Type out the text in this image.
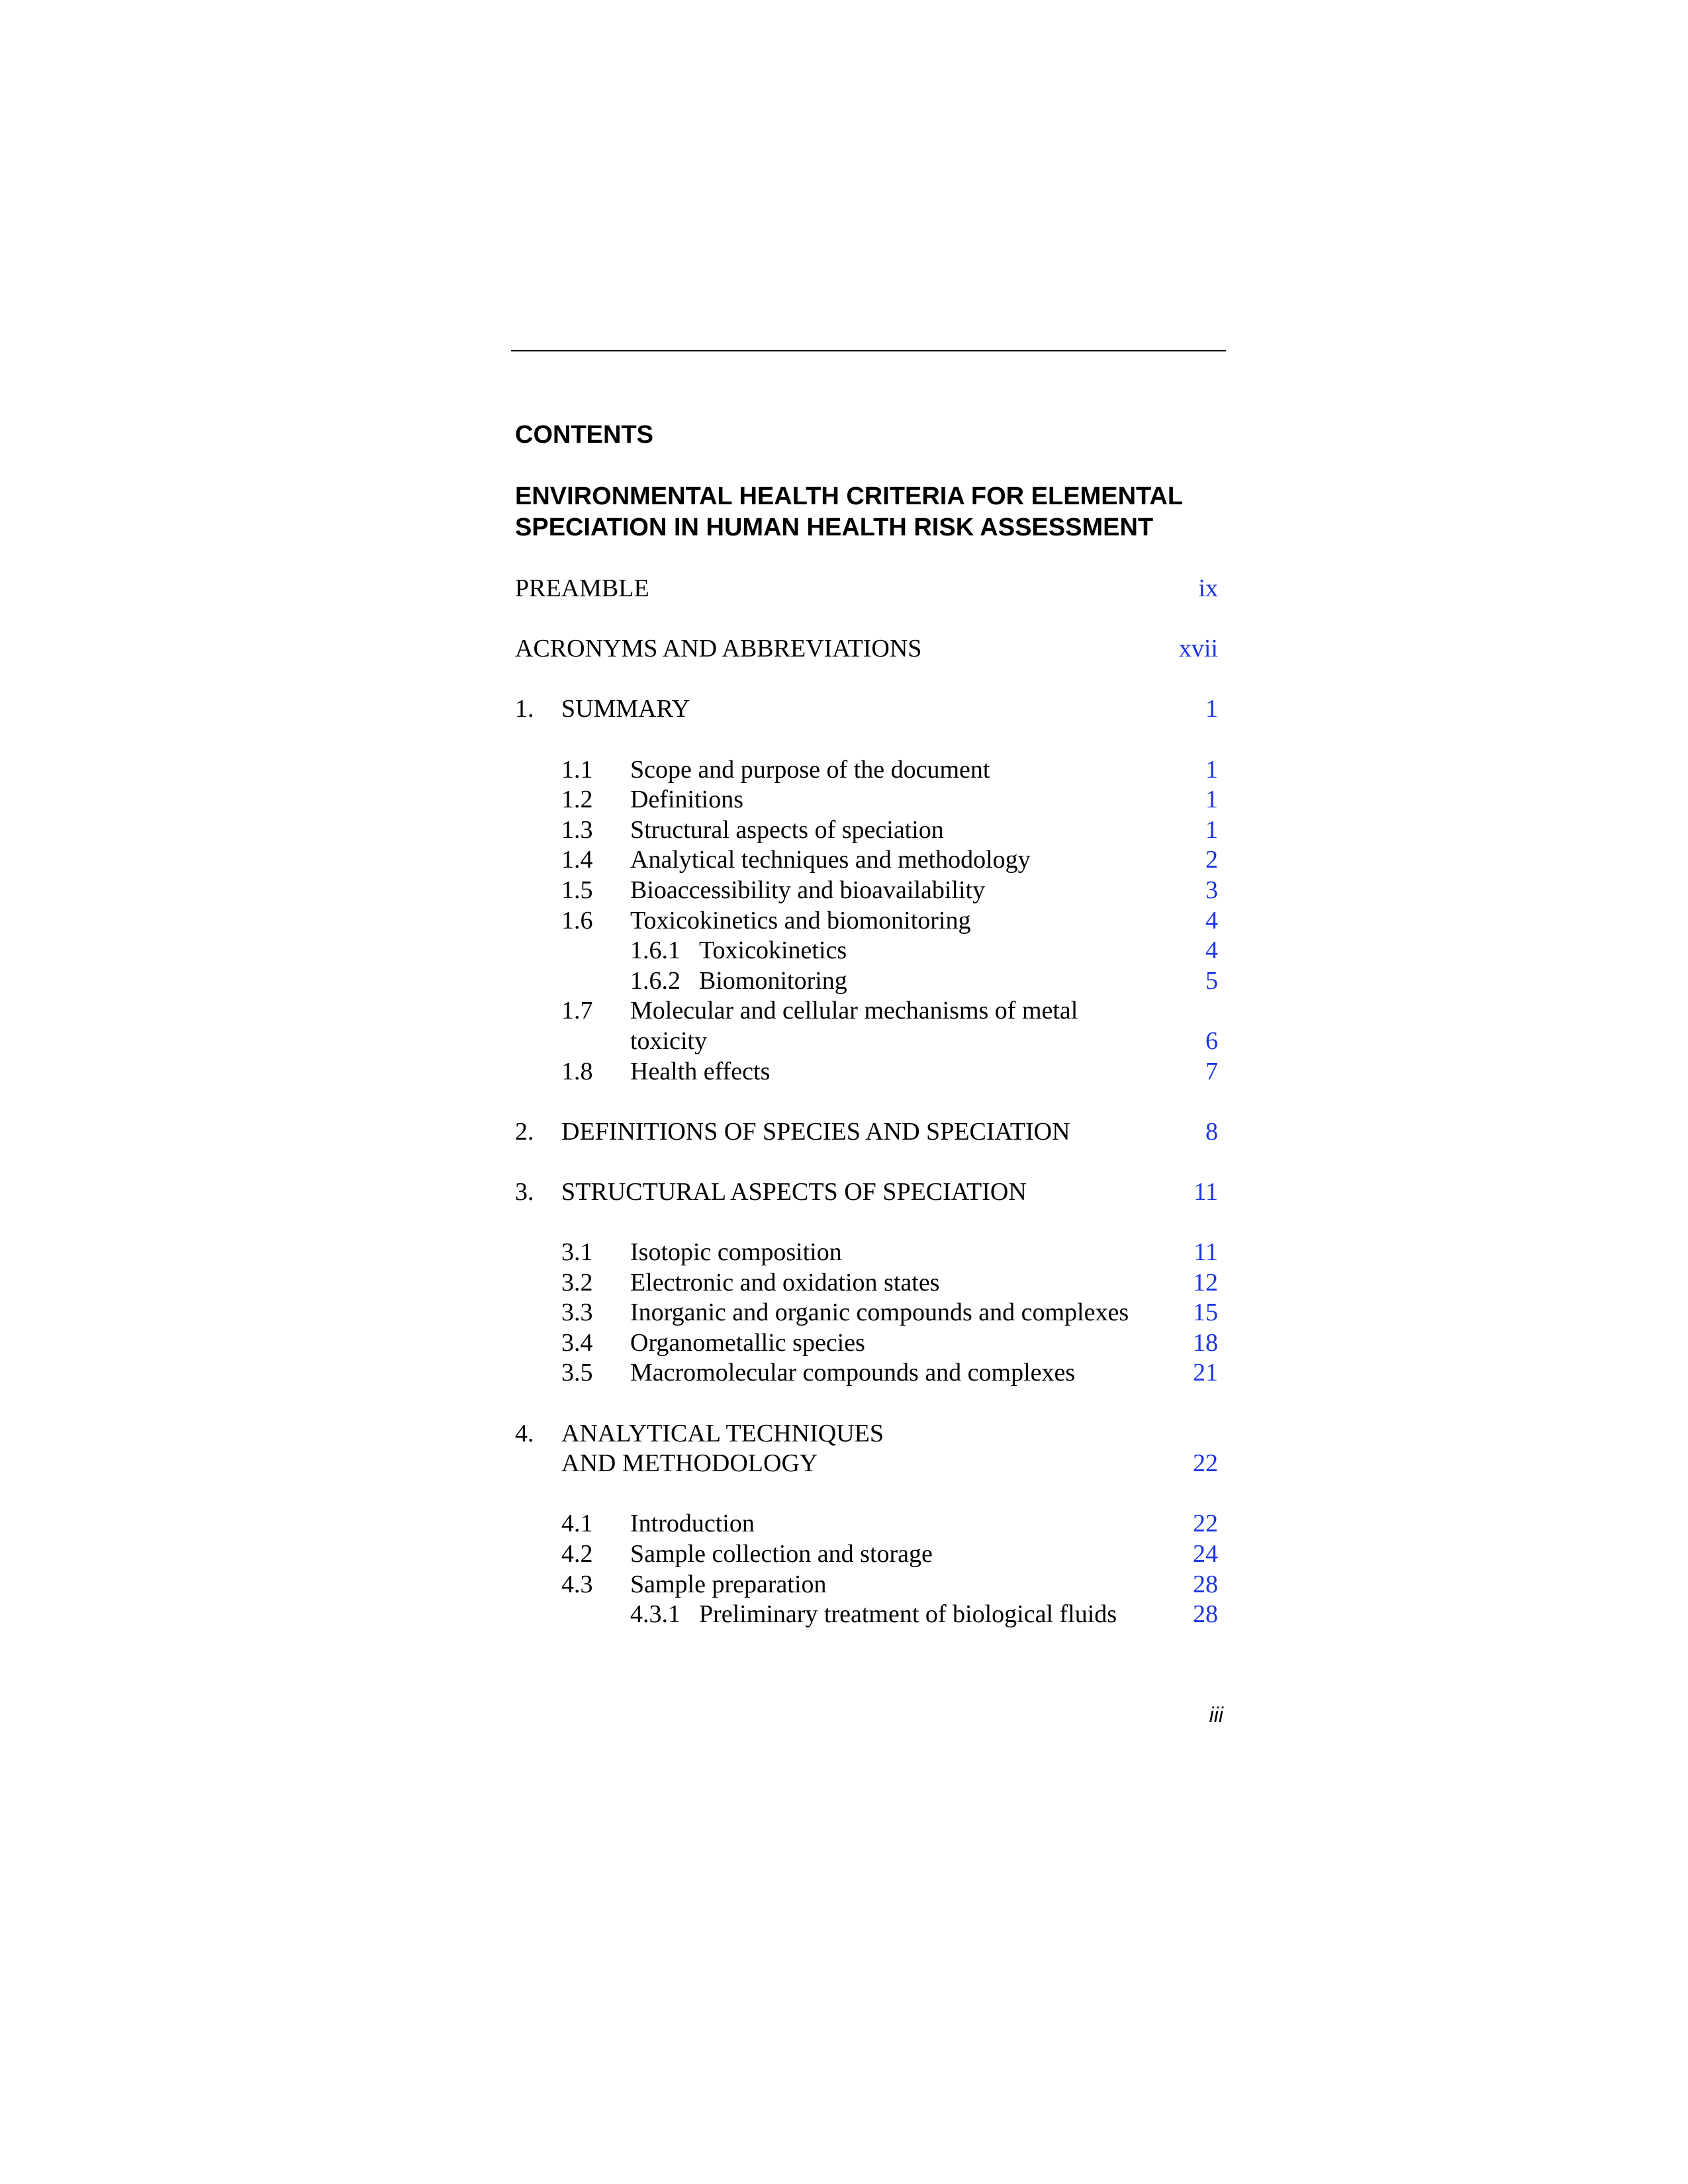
CONTENTS
ENVIRONMENTAL HEALTH CRITERIA FOR ELEMENTAL SPECIATION IN HUMAN HEALTH RISK ASSESSMENT
PREAMBLE	ix
ACRONYMS AND ABBREVIATIONS	xvii
1.	SUMMARY	1
1.1	Scope and purpose of the document	1
1.2	Definitions	1
1.3	Structural aspects of speciation	1
1.4	Analytical techniques and methodology	2
1.5	Bioaccessibility and bioavailability	3
1.6	Toxicokinetics and biomonitoring	4
1.6.1 Toxicokinetics	4
1.6.2 Biomonitoring	5
1.7	Molecular and cellular mechanisms of metal toxicity	6
1.8	Health effects	7
2.	DEFINITIONS OF SPECIES AND SPECIATION	8
3.	STRUCTURAL ASPECTS OF SPECIATION	11
3.1	Isotopic composition	11
3.2	Electronic and oxidation states	12
3.3	Inorganic and organic compounds and complexes	15
3.4	Organometallic species	18
3.5	Macromolecular compounds and complexes	21
4.	ANALYTICAL TECHNIQUES AND METHODOLOGY	22
4.1	Introduction	22
4.2	Sample collection and storage	24
4.3	Sample preparation	28
4.3.1 Preliminary treatment of biological fluids	28
iii
